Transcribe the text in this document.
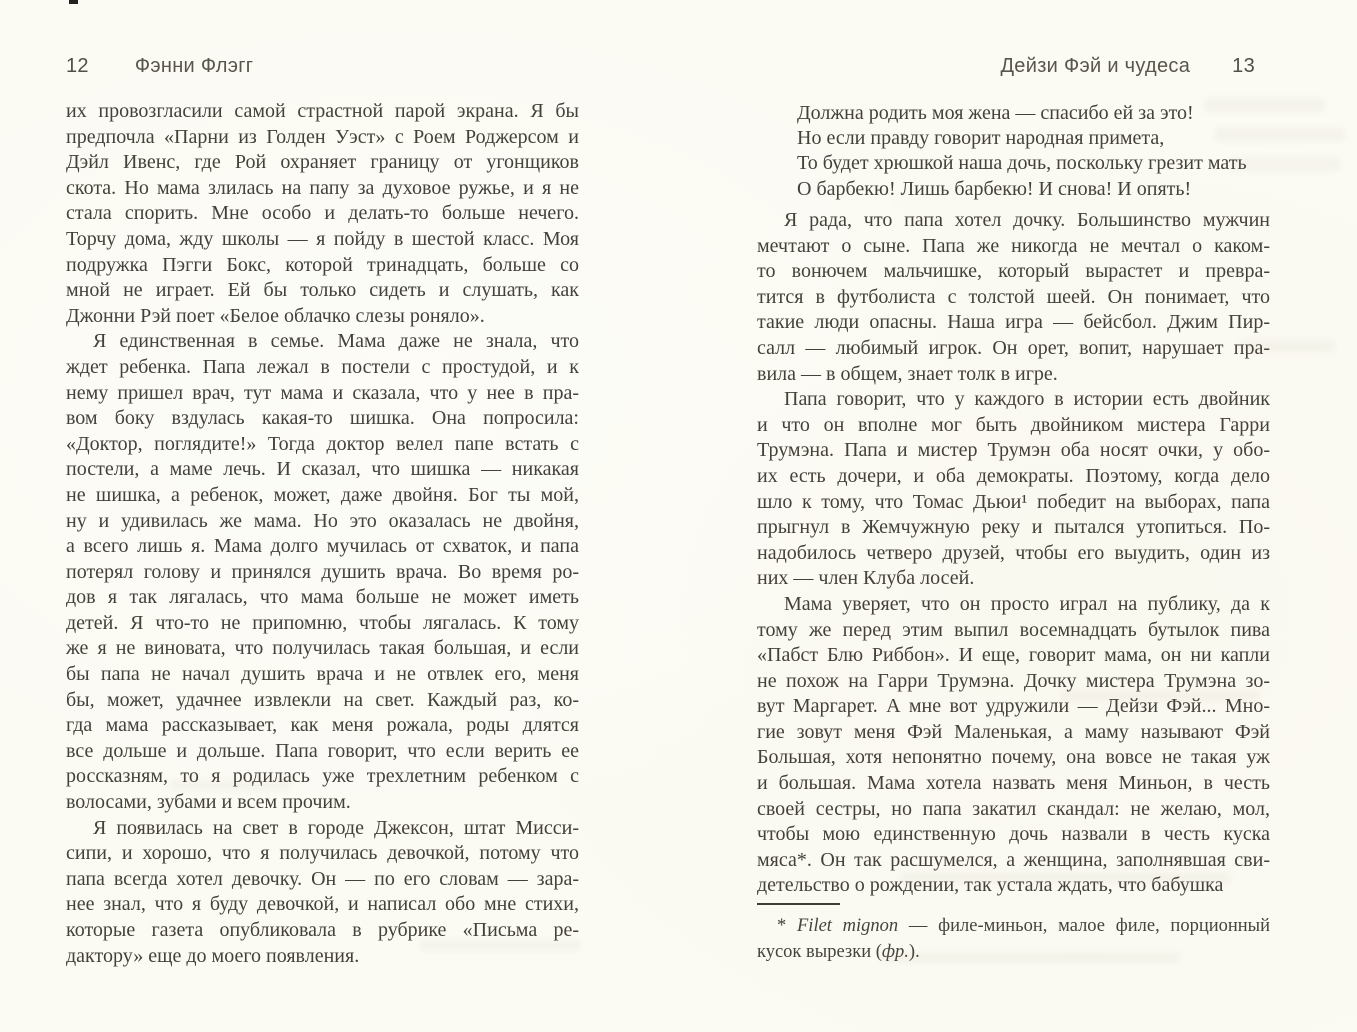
12 Фэнни Флэгг	Дейзи Фэй и чудеса 13
их провозгласили самой страстной парой экрана. Я бы
предпочла «Парни из Голден Уэст» с Роем Роджерсом и
Дэйл Ивенс, где Рой охраняет границу от угонщиков
скота. Но мама злилась на папу за духовое ружье, и я не
стала спорить. Мне особо и делать-то больше нечего.
Торчу дома, жду школы — я пойду в шестой класс. Моя
подружка Пэгги Бокс, которой тринадцать, больше со
мной не играет. Ей бы только сидеть и слушать, как
Джонни Рэй поет «Белое облачко слезы роняло».
Я единственная в семье. Мама даже не знала, что
ждет ребенка. Папа лежал в постели с простудой, и к
нему пришел врач, тут мама и сказала, что у нее в пра-
вом боку вздулась какая-то шишка. Она попросила:
«Доктор, поглядите!» Тогда доктор велел папе встать с
постели, а маме лечь. И сказал, что шишка — никакая
не шишка, а ребенок, может, даже двойня. Бог ты мой,
ну и удивилась же мама. Но это оказалась не двойня,
а всего лишь я. Мама долго мучилась от схваток, и папа
потерял голову и принялся душить врача. Во время ро-
дов я так лягалась, что мама больше не может иметь
детей. Я что-то не припомню, чтобы лягалась. К тому
же я не виновата, что получилась такая большая, и если
бы папа не начал душить врача и не отвлек его, меня
бы, может, удачнее извлекли на свет. Каждый раз, ко-
гда мама рассказывает, как меня рожала, роды длятся
все дольше и дольше. Папа говорит, что если верить ее
россказням, то я родилась уже трехлетним ребенком с
волосами, зубами и всем прочим.
Я появилась на свет в городе Джексон, штат Мисси-
сипи, и хорошо, что я получилась девочкой, потому что
папа всегда хотел девочку. Он — по его словам — зара-
нее знал, что я буду девочкой, и написал обо мне стихи,
которые газета опубликовала в рубрике «Письма ре-
дактору» еще до моего появления.
Должна родить моя жена — спасибо ей за это!
Но если правду говорит народная примета,
То будет хрюшкой наша дочь, поскольку грезит мать
О барбекю! Лишь барбекю! И снова! И опять!
Я рада, что папа хотел дочку. Большинство мужчин
мечтают о сыне. Папа же никогда не мечтал о каком-
то вонючем мальчишке, который вырастет и превра-
тится в футболиста с толстой шеей. Он понимает, что
такие люди опасны. Наша игра — бейсбол. Джим Пир-
салл — любимый игрок. Он орет, вопит, нарушает пра-
вила — в общем, знает толк в игре.
Папа говорит, что у каждого в истории есть двойник
и что он вполне мог быть двойником мистера Гарри
Трумэна. Папа и мистер Трумэн оба носят очки, у обо-
их есть дочери, и оба демократы. Поэтому, когда дело
шло к тому, что Томас Дьюи¹ победит на выборах, папа
прыгнул в Жемчужную реку и пытался утопиться. По-
надобилось четверо друзей, чтобы его выудить, один из
них — член Клуба лосей.
Мама уверяет, что он просто играл на публику, да к
тому же перед этим выпил восемнадцать бутылок пива
«Пабст Блю Риббон». И еще, говорит мама, он ни капли
не похож на Гарри Трумэна. Дочку мистера Трумэна зо-
вут Маргарет. А мне вот удружили — Дейзи Фэй... Мно-
гие зовут меня Фэй Маленькая, а маму называют Фэй
Большая, хотя непонятно почему, она вовсе не такая уж
и большая. Мама хотела назвать меня Миньон, в честь
своей сестры, но папа закатил скандал: не желаю, мол,
чтобы мою единственную дочь назвали в честь куска
мяса*. Он так расшумелся, а женщина, заполнявшая сви-
детельство о рождении, так устала ждать, что бабушка
* Filet mignon — филе-миньон, малое филе, порционный кусок вырезки (фр.).
